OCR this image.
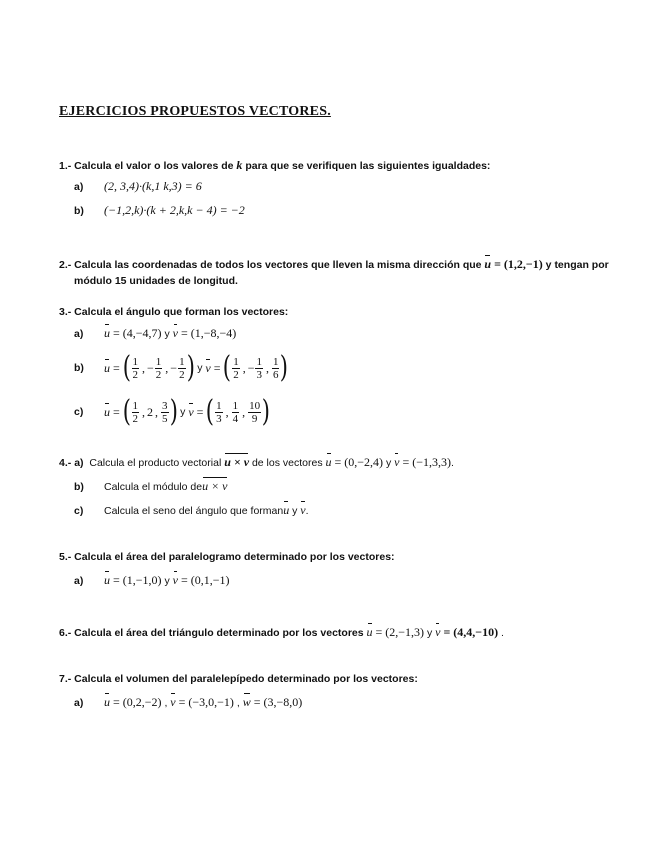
EJERCICIOS PROPUESTOS VECTORES.
1.- Calcula el valor o los valores de k para que se verifiquen las siguientes igualdades:
a)	(2, 3,4)·(k,1 k,3) = 6
b)	(−1,2,k)·(k + 2,k,k − 4) = −2
2.- Calcula las coordenadas de todos los vectores que lleven la misma dirección que u = (1,2,−1) y tengan por
módulo 15 unidades de longitud.
3.- Calcula el ángulo que forman los vectores:
a)	u = (4,−4,7) y v = (1,−8,−4)
b)	u = ( $\frac{1}{2}$ , − $\frac{1}{2}$ , − $\frac{1}{2}$ ) y v = ( $\frac{1}{2}$ , − $\frac{1}{3}$ , $\frac{1}{6}$ )
c)	u = ( $\frac{1}{2}$ , 2 , $\frac{3}{5}$ ) y v = ( $\frac{1}{3}$ , $\frac{1}{4}$ , $\frac{10}{9}$ )
4.- a) Calcula el producto vectorial u × v de los vectores u = (0,−2,4) y v = (−1,3,3).
b)	Calcula el módulo de u × v
c)	Calcula el seno del ángulo que forman u y v .
5.- Calcula el área del paralelogramo determinado por los vectores:
a)	u = (1,−1,0) y v = (0,1,−1)
6.- Calcula el área del triángulo determinado por los vectores u = (2,−1,3) y v = (4,4,−10) .
7.- Calcula el volumen del paralelepípedo determinado por los vectores:
a)	u = (0,2,−2) , v = (−3,0,−1) , w = (3,−8,0)
